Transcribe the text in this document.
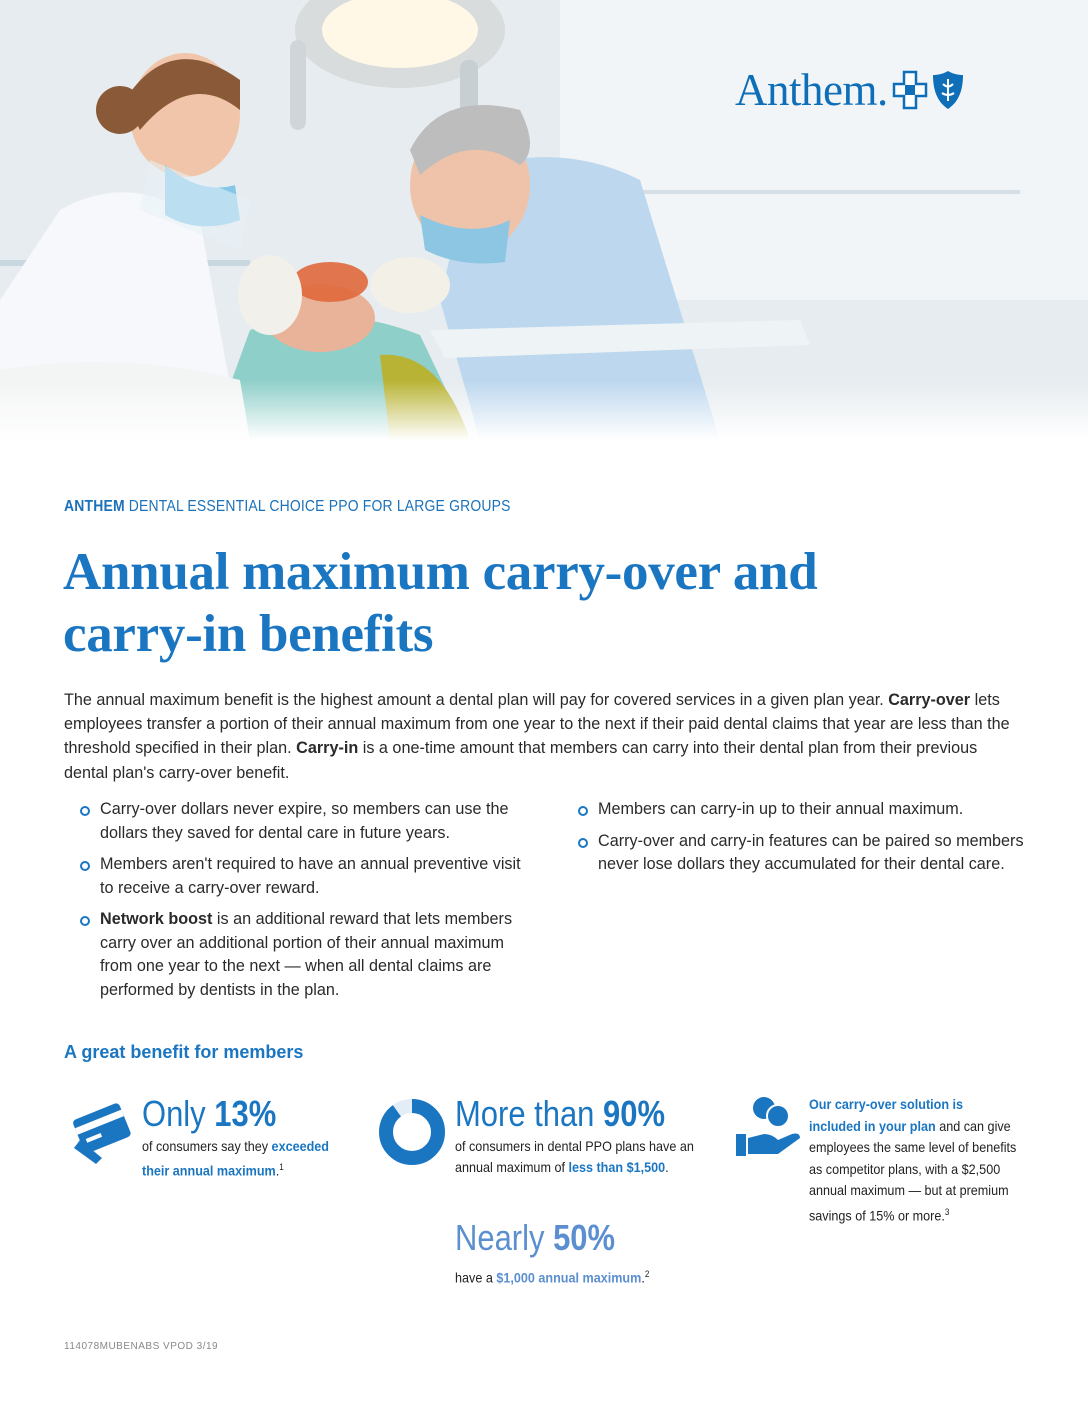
Anthem .
ANTHEM DENTAL ESSENTIAL CHOICE PPO FOR LARGE GROUPS
Annual maximum carry-over and carry-in benefits

The annual maximum benefit is the highest amount a dental plan will pay for covered services in a given plan year. Carry-over lets employees transfer a portion of their annual maximum from one year to the next if their paid dental claims that year are less than the threshold specified in their plan. Carry-in is a one-time amount that members can carry into their dental plan from their previous dental plan's carry-over benefit.

Carry-over dollars never expire, so members can use the dollars they saved for dental care in future years.
Members aren't required to have an annual preventive visit to receive a carry-over reward.
Network boost is an additional reward that lets members carry over an additional portion of their annual maximum from one year to the next — when all dental claims are performed by dentists in the plan.
Members can carry-in up to their annual maximum.
Carry-over and carry-in features can be paired so members never lose dollars they accumulated for their dental care.
A great benefit for members
Only 13%
of consumers say they exceeded their annual maximum.$^1$
More than 90%
of consumers in dental PPO plans have an annual maximum of less than $1,500.
Nearly 50%
have a $1,000 annual maximum.$^2$
Our carry-over solution is included in your plan and can give employees the same level of benefits as competitor plans, with a $2,500 annual maximum — but at premium savings of 15% or more.$^3$
114078MUBENABS VPOD 3/19
